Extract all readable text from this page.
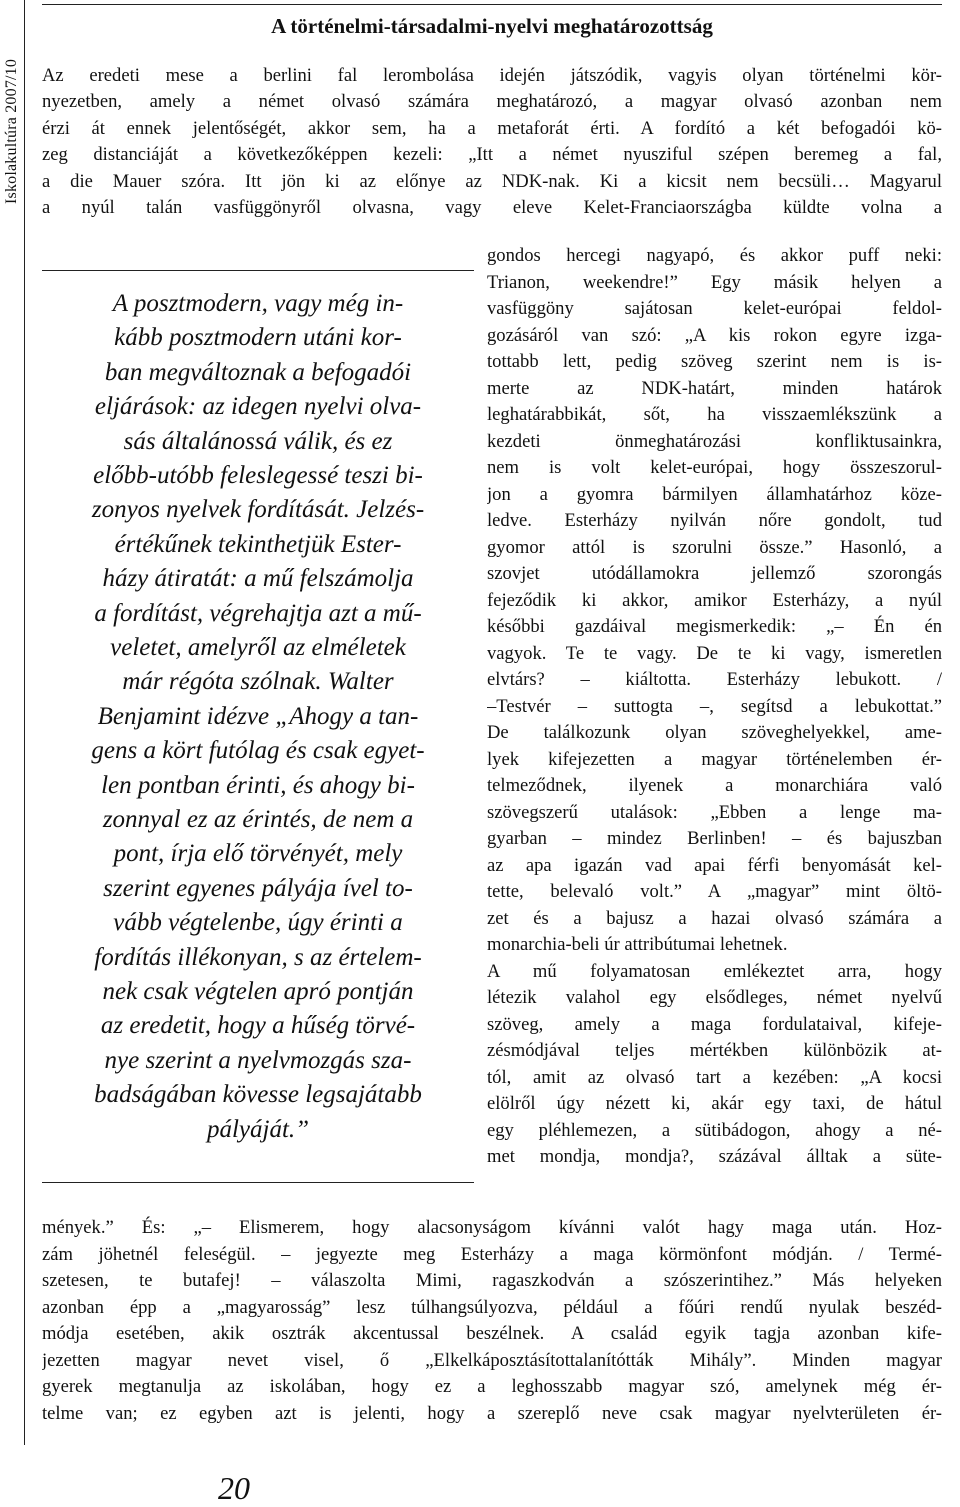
Iskolakultúra 2007/10
A történelmi-társadalmi-nyelvi meghatározottság
Az eredeti mese a berlini fal lerombolása idején játszódik, vagyis olyan történelmi kör-
nyezetben, amely a német olvasó számára meghatározó, a magyar olvasó azonban nem
érzi át ennek jelentőségét, akkor sem, ha a metaforát érti. A fordító a két befogadói kö-
zeg distanciáját a következőképpen kezeli: „Itt a német nyusziful szépen beremeg a fal,
a die Mauer szóra. Itt jön ki az előnye az NDK-nak. Ki a kicsit nem becsüli… Magyarul
a nyúl talán vasfüggönyről olvasna, vagy eleve Kelet-Franciaországba küldte volna a
gondos hercegi nagyapó, és akkor puff neki:
Trianon, weekendre!” Egy másik helyen a
vasfüggöny sajátosan kelet-európai feldol-
gozásáról van szó: „A kis rokon egyre izga-
tottabb lett, pedig szöveg szerint nem is is-
merte az NDK-határt, minden határok
leghatárabbikát, sőt, ha visszaemlékszünk a
kezdeti önmeghatározási konfliktusainkra,
nem is volt kelet-európai, hogy összeszorul-
jon a gyomra bármilyen államhatárhoz köze-
ledve. Esterházy nyilván nőre gondolt, tud
gyomor attól is szorulni össze.” Hasonló, a
szovjet utódállamokra jellemző szorongás
fejeződik ki akkor, amikor Esterházy, a nyúl
későbbi gazdáival megismerkedik: „– Én én
vagyok. Te te vagy. De te ki vagy, ismeretlen
elvtárs? – kiáltotta. Esterházy lebukott. /
–Testvér – suttogta –, segítsd a lebukottat.”
De találkozunk olyan szöveghelyekkel, ame-
lyek kifejezetten a magyar történelemben ér-
telmeződnek, ilyenek a monarchiára való
szövegszerű utalások: „Ebben a lenge ma-
gyarban – mindez Berlinben! – és bajuszban
az apa igazán vad apai férfi benyomását kel-
tette, belevaló volt.” A „magyar” mint öltö-
zet és a bajusz a hazai olvasó számára a
monarchia-beli úr attribútumai lehetnek.
A mű folyamatosan emlékeztet arra, hogy
létezik valahol egy elsődleges, német nyelvű
szöveg, amely a maga fordulataival, kifeje-
zésmódjával teljes mértékben különbözik at-
tól, amit az olvasó tart a kezében: „A kocsi
elölről úgy nézett ki, akár egy taxi, de hátul
egy pléhlemezen, a sütibádogon, ahogy a né-
met mondja, mondja?, százával álltak a süte-
mények.” És: „– Elismerem, hogy alacsonyságom kívánni valót hagy maga után. Hoz-
zám jöhetnél feleségül. – jegyezte meg Esterházy a maga körmönfont módján. / Termé-
szetesen, te butafej! – válaszolta Mimi, ragaszkodván a szószerintihez.” Más helyeken
azonban épp a „magyarosság” lesz túlhangsúlyozva, például a főúri rendű nyulak beszéd-
módja esetében, akik osztrák akcentussal beszélnek. A család egyik tagja azonban kife-
jezetten magyar nevet visel, ő „Elkelkáposztásítottalanítótták Mihály”. Minden magyar
gyerek megtanulja az iskolában, hogy ez a leghosszabb magyar szó, amelynek még ér-
telme van; ez egyben azt is jelenti, hogy a szereplő neve csak magyar nyelvterületen ér-
A posztmodern, vagy még in-
kább posztmodern utáni kor-
ban megváltoznak a befogadói
eljárások: az idegen nyelvi olva-
sás általánossá válik, és ez
előbb-utóbb feleslegessé teszi bi-
zonyos nyelvek fordítását. Jelzés-
értékűnek tekinthetjük Ester-
házy átiratát: a mű felszámolja
a fordítást, végrehajtja azt a mű-
veletet, amelyről az elméletek
már régóta szólnak. Walter
Benjamint idézve „Ahogy a tan-
gens a kört futólag és csak egyet-
len pontban érinti, és ahogy bi-
zonnyal ez az érintés, de nem a
pont, írja elő törvényét, mely
szerint egyenes pályája ível to-
vább végtelenbe, úgy érinti a
fordítás illékonyan, s az értelem-
nek csak végtelen apró pontján
az eredetit, hogy a hűség törvé-
nye szerint a nyelvmozgás sza-
badságában kövesse legsajátabb
pályáját.”
20
